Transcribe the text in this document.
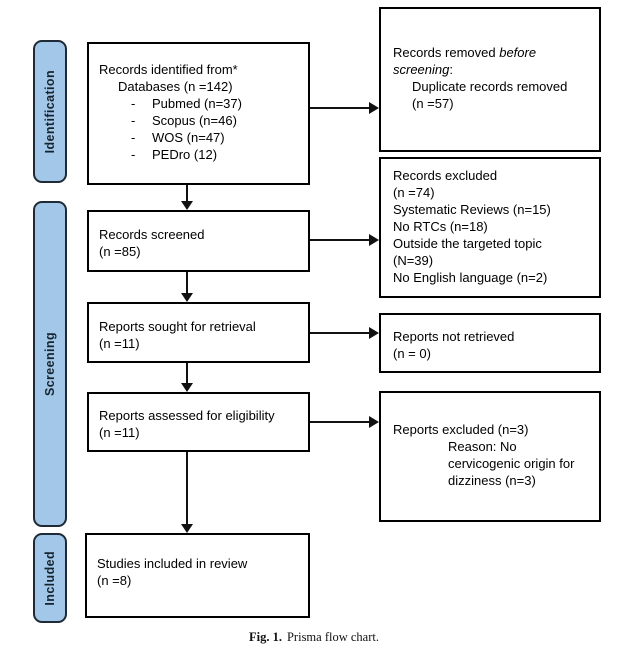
Identification
Screening
Included
Records identified from*
Databases (n =142)
-	Pubmed (n=37)
-	Scopus (n=46)
-	WOS (n=47)
-	PEDro (12)
Records screened
(n =85)
Reports sought for retrieval
(n =11)
Reports assessed for eligibility
(n =11)
Studies included in review
(n =8)
Records removed before
screening:
Duplicate records removed
(n =57)
Records excluded
(n =74)
Systematic Reviews (n=15)
No RTCs (n=18)
Outside the targeted topic
(N=39)
No English language (n=2)
Reports not retrieved
(n = 0)
Reports excluded (n=3)
Reason: No
cervicogenic origin for
dizziness (n=3)
Fig. 1. Prisma flow chart.
